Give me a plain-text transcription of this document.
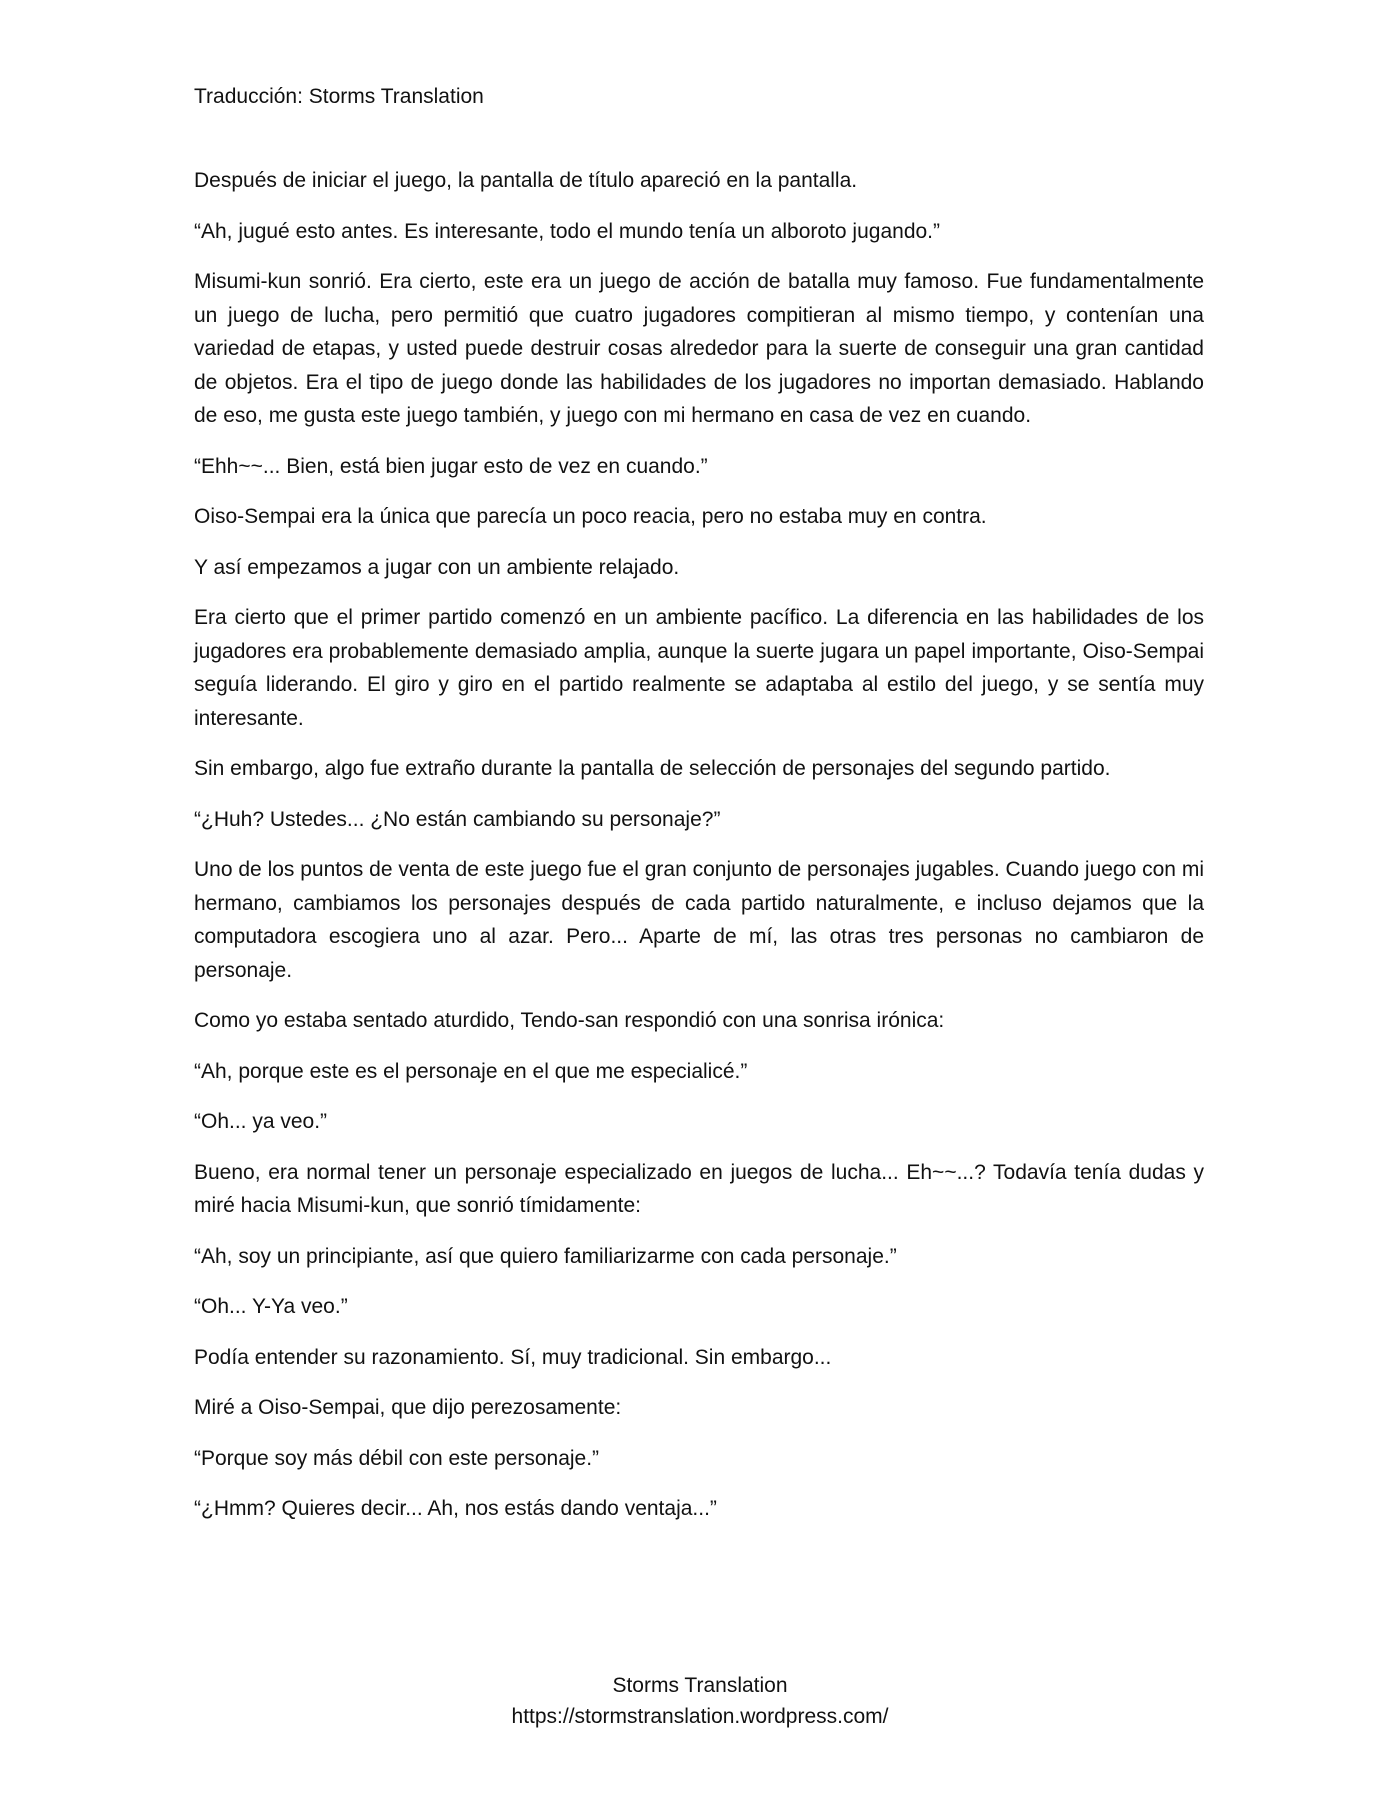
Traducción: Storms Translation

Después de iniciar el juego, la pantalla de título apareció en la pantalla.

“Ah, jugué esto antes. Es interesante, todo el mundo tenía un alboroto jugando.”

Misumi-kun sonrió. Era cierto, este era un juego de acción de batalla muy famoso. Fue fundamentalmente un juego de lucha, pero permitió que cuatro jugadores compitieran al mismo tiempo, y contenían una variedad de etapas, y usted puede destruir cosas alrededor para la suerte de conseguir una gran cantidad de objetos. Era el tipo de juego donde las habilidades de los jugadores no importan demasiado. Hablando de eso, me gusta este juego también, y juego con mi hermano en casa de vez en cuando.

“Ehh~~... Bien, está bien jugar esto de vez en cuando.”

Oiso-Sempai era la única que parecía un poco reacia, pero no estaba muy en contra.

Y así empezamos a jugar con un ambiente relajado.

Era cierto que el primer partido comenzó en un ambiente pacífico. La diferencia en las habilidades de los jugadores era probablemente demasiado amplia, aunque la suerte jugara un papel importante, Oiso-Sempai seguía liderando. El giro y giro en el partido realmente se adaptaba al estilo del juego, y se sentía muy interesante.

Sin embargo, algo fue extraño durante la pantalla de selección de personajes del segundo partido.

“¿Huh? Ustedes... ¿No están cambiando su personaje?”

Uno de los puntos de venta de este juego fue el gran conjunto de personajes jugables. Cuando juego con mi hermano, cambiamos los personajes después de cada partido naturalmente, e incluso dejamos que la computadora escogiera uno al azar. Pero... Aparte de mí, las otras tres personas no cambiaron de personaje.

Como yo estaba sentado aturdido, Tendo-san respondió con una sonrisa irónica:

“Ah, porque este es el personaje en el que me especialicé.”

“Oh... ya veo.”

Bueno, era normal tener un personaje especializado en juegos de lucha... Eh~~...? Todavía tenía dudas y miré hacia Misumi-kun, que sonrió tímidamente:

“Ah, soy un principiante, así que quiero familiarizarme con cada personaje.”

“Oh... Y-Ya veo.”

Podía entender su razonamiento. Sí, muy tradicional. Sin embargo...

Miré a Oiso-Sempai, que dijo perezosamente:

“Porque soy más débil con este personaje.”

“¿Hmm? Quieres decir... Ah, nos estás dando ventaja...”

Storms Translation
https://stormstranslation.wordpress.com/
